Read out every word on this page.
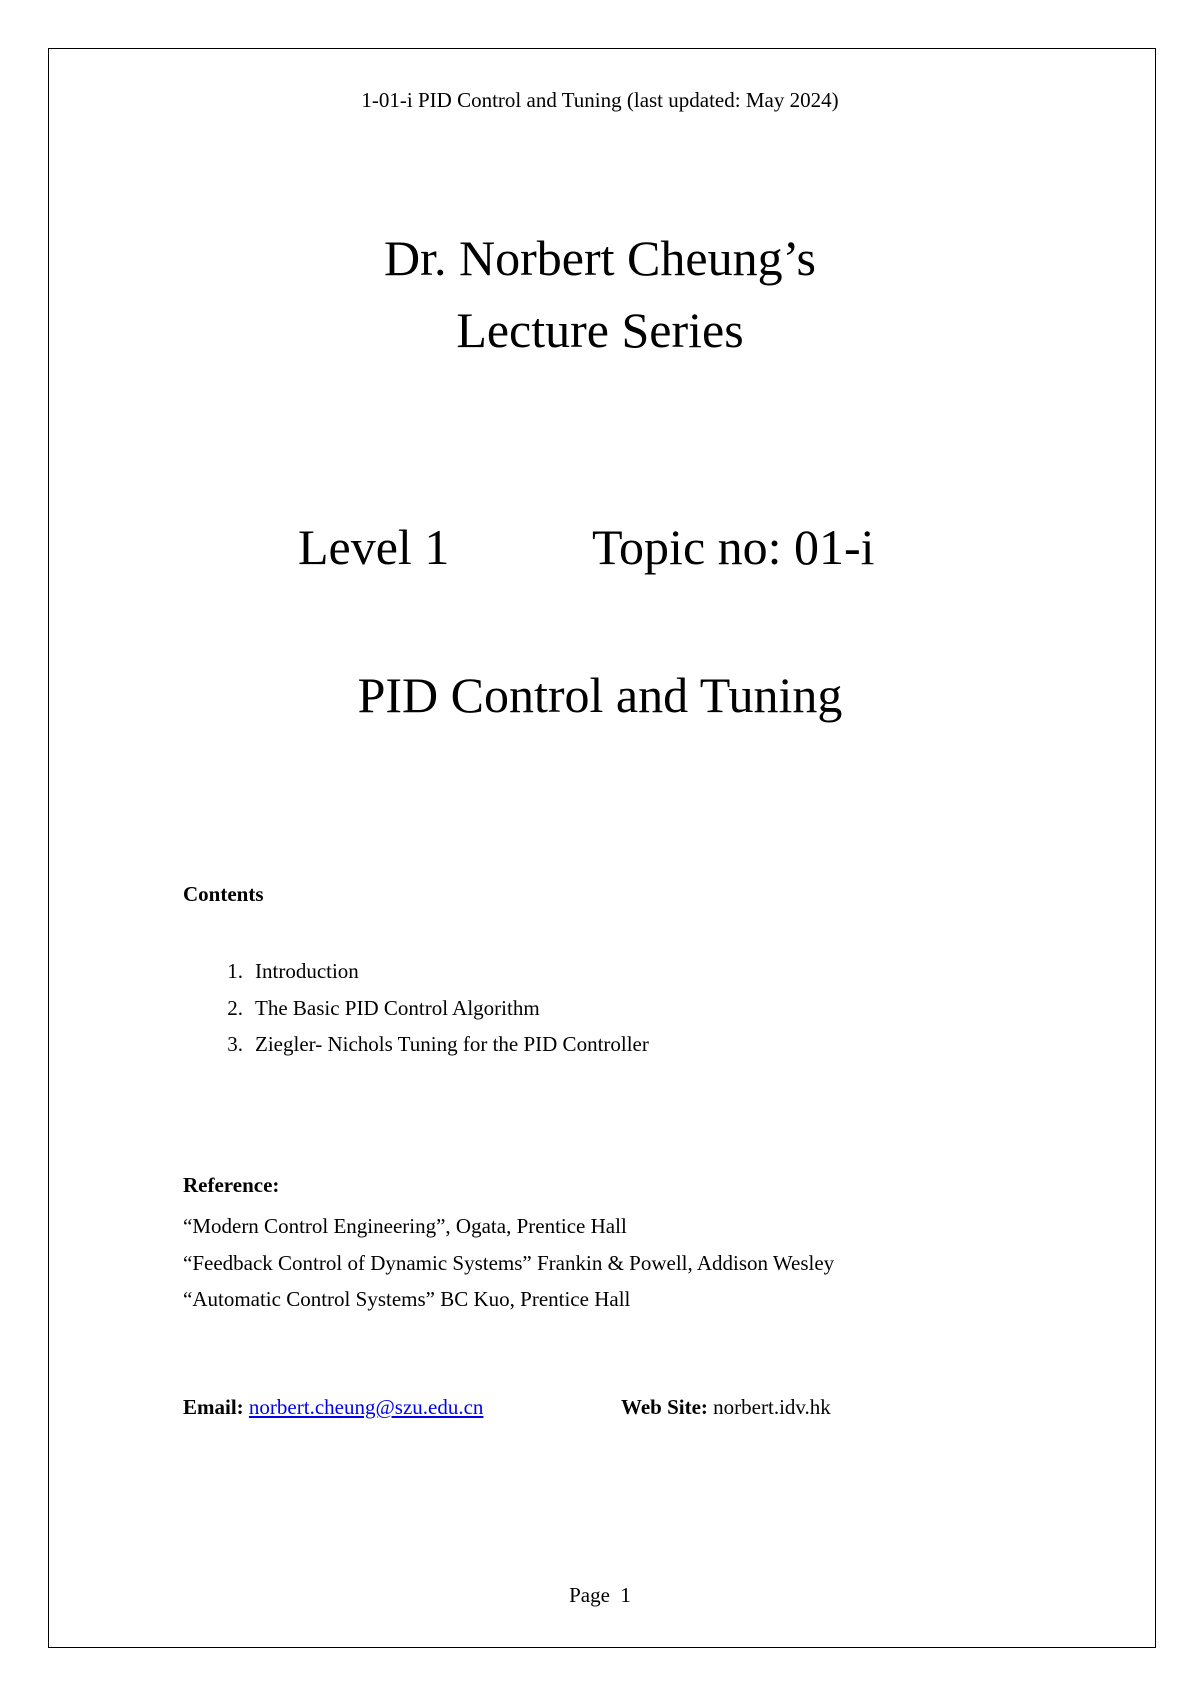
1-01-i PID Control and Tuning (last updated: May 2024)
Dr. Norbert Cheung’s
Lecture Series
Level 1	Topic no: 01-i
PID Control and Tuning
Contents
1. Introduction
2. The Basic PID Control Algorithm
3. Ziegler- Nichols Tuning for the PID Controller
Reference:
“Modern Control Engineering”, Ogata, Prentice Hall
“Feedback Control of Dynamic Systems” Frankin & Powell, Addison Wesley
“Automatic Control Systems” BC Kuo, Prentice Hall
Email: norbert.cheung@szu.edu.cn	Web Site: norbert.idv.hk
Page 1
